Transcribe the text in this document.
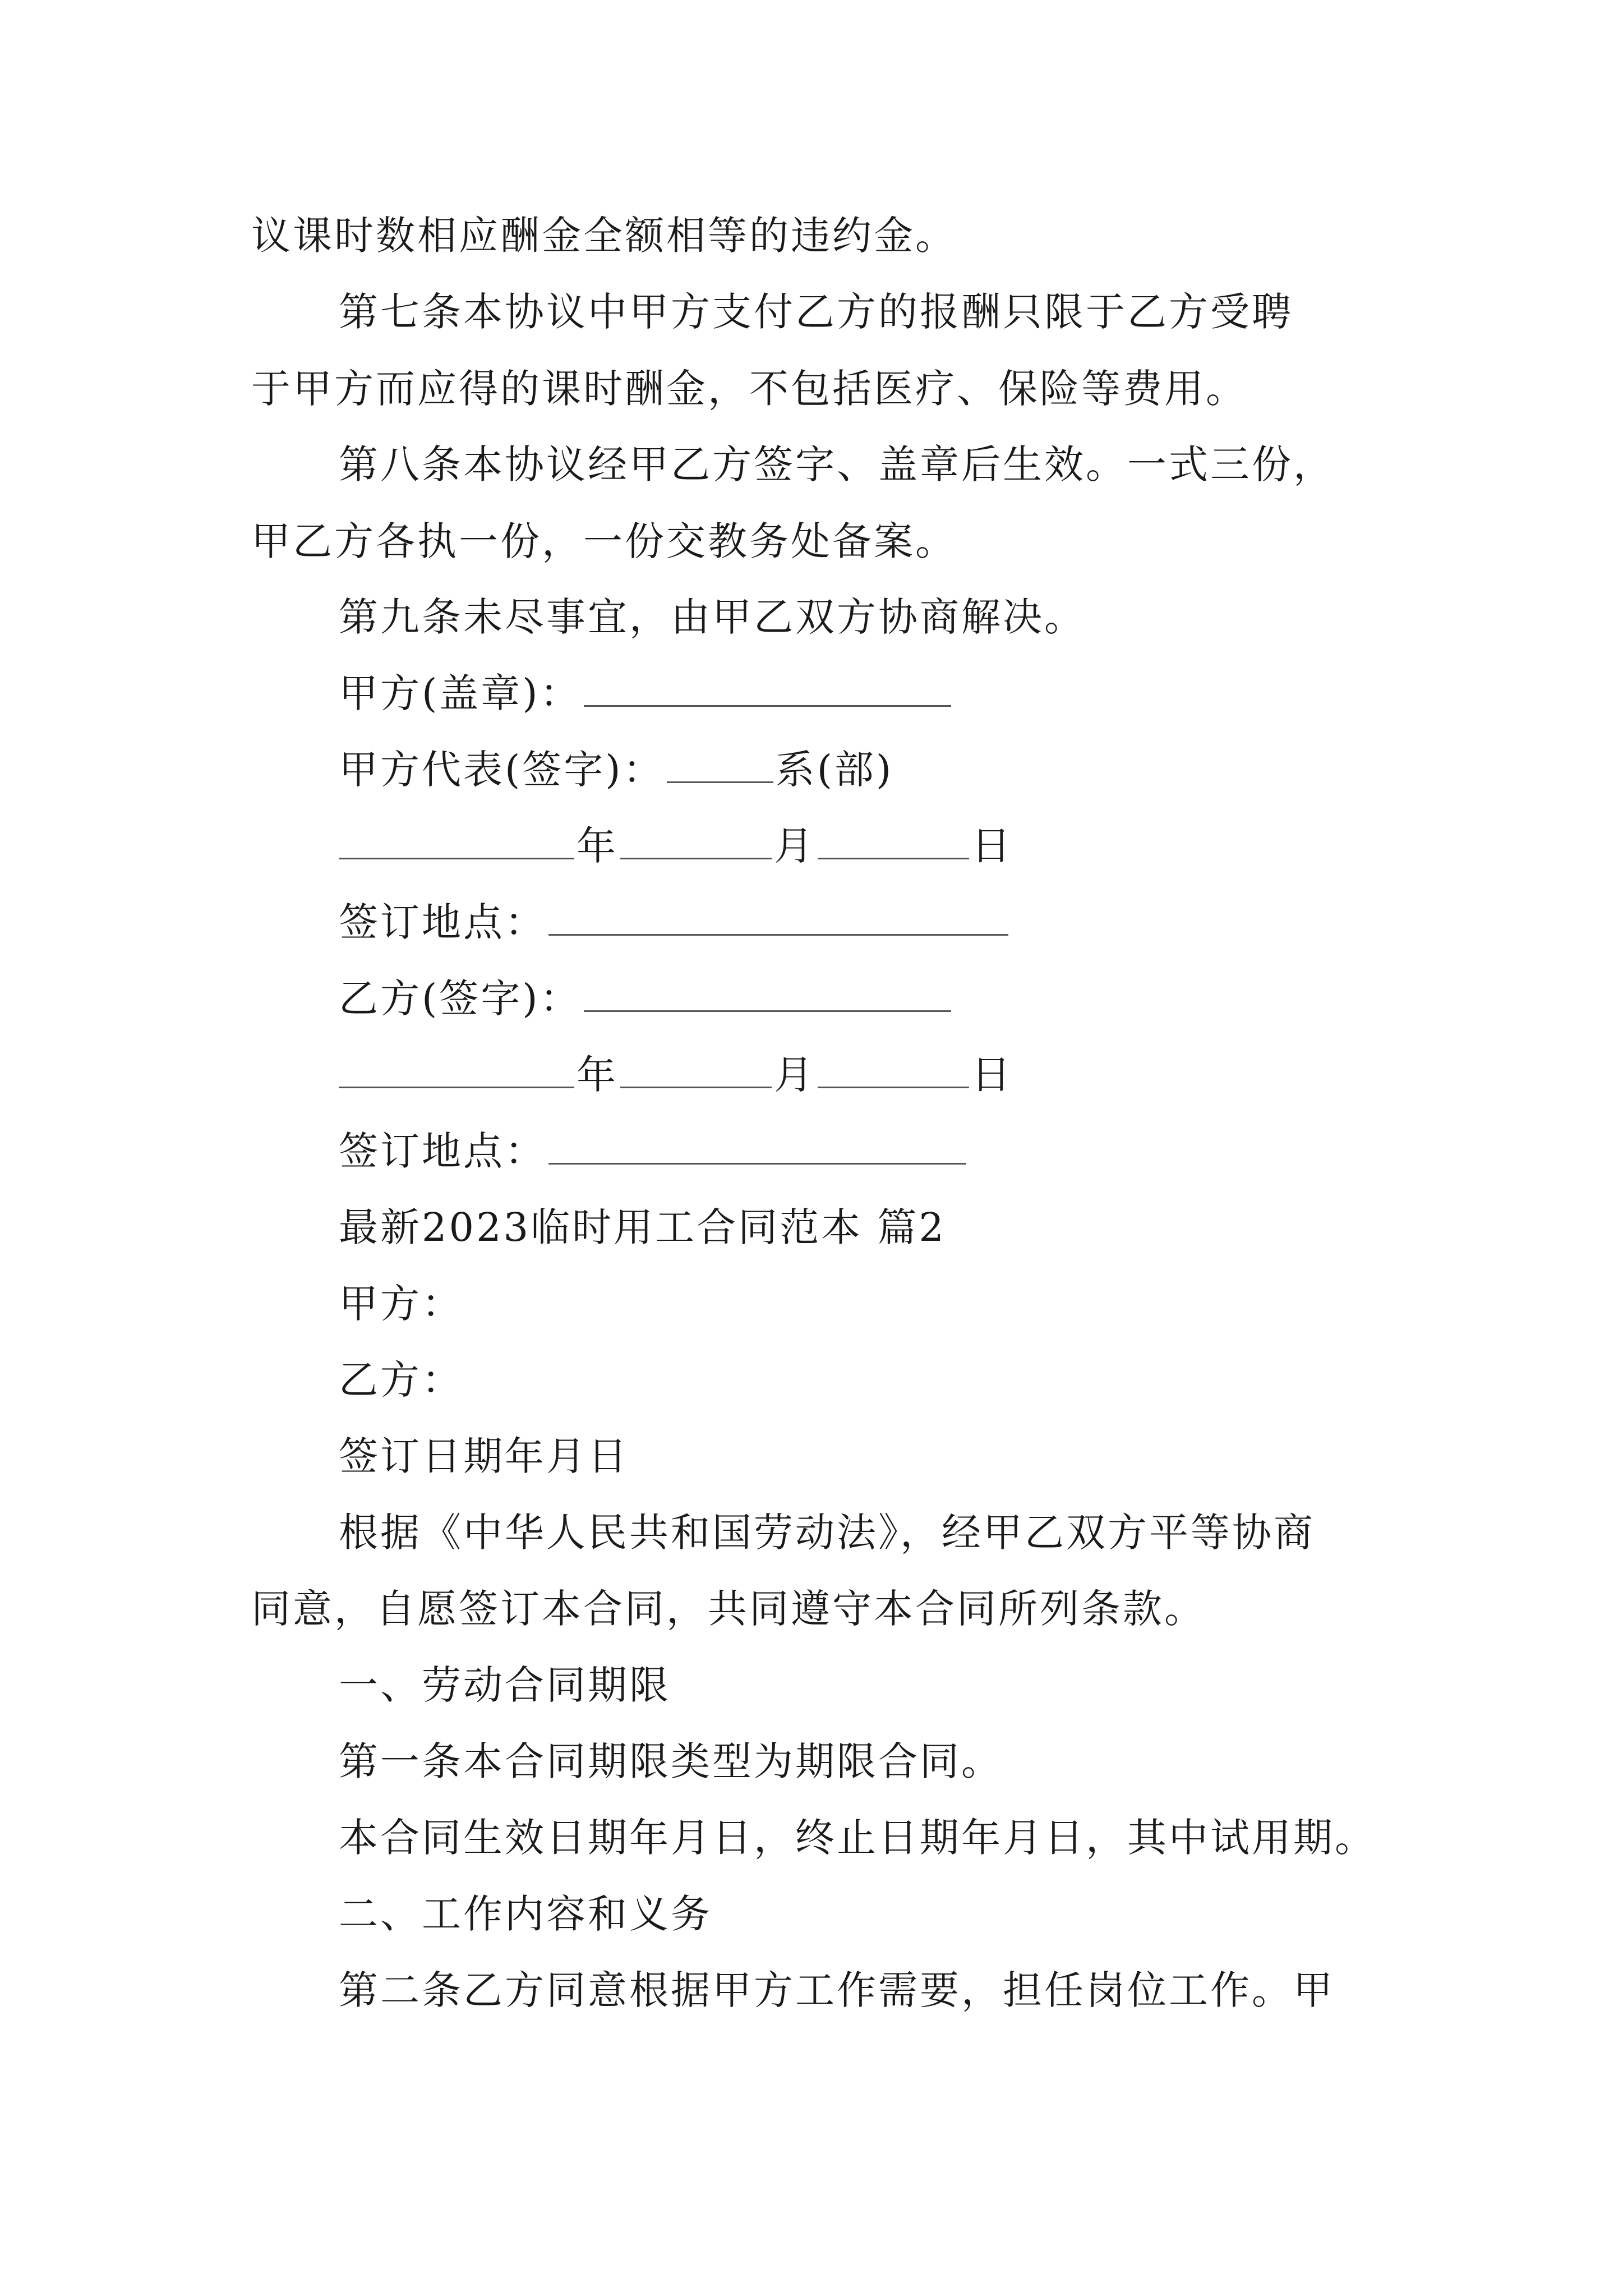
议课时数相应酬金全额相等的违约金。
第七条本协议中甲方支付乙方的报酬只限于乙方受聘
于甲方而应得的课时酬金，不包括医疗、保险等费用。
第八条本协议经甲乙方签字、盖章后生效。一式三份，
甲乙方各执一份，一份交教务处备案。
第九条未尽事宜，由甲乙双方协商解决。
甲方(盖章)：
甲方代表(签字)：	系(部)
年	月	日
签订地点：
乙方(签字)：
年	月	日
签订地点：
最新2023临时用工合同范本 篇2
甲方：
乙方：
签订日期年月日
根据《中华人民共和国劳动法》，经甲乙双方平等协商
同意，自愿签订本合同，共同遵守本合同所列条款。
一、劳动合同期限
第一条本合同期限类型为期限合同。
本合同生效日期年月日，终止日期年月日，其中试用期。
二、工作内容和义务
第二条乙方同意根据甲方工作需要，担任岗位工作。甲
